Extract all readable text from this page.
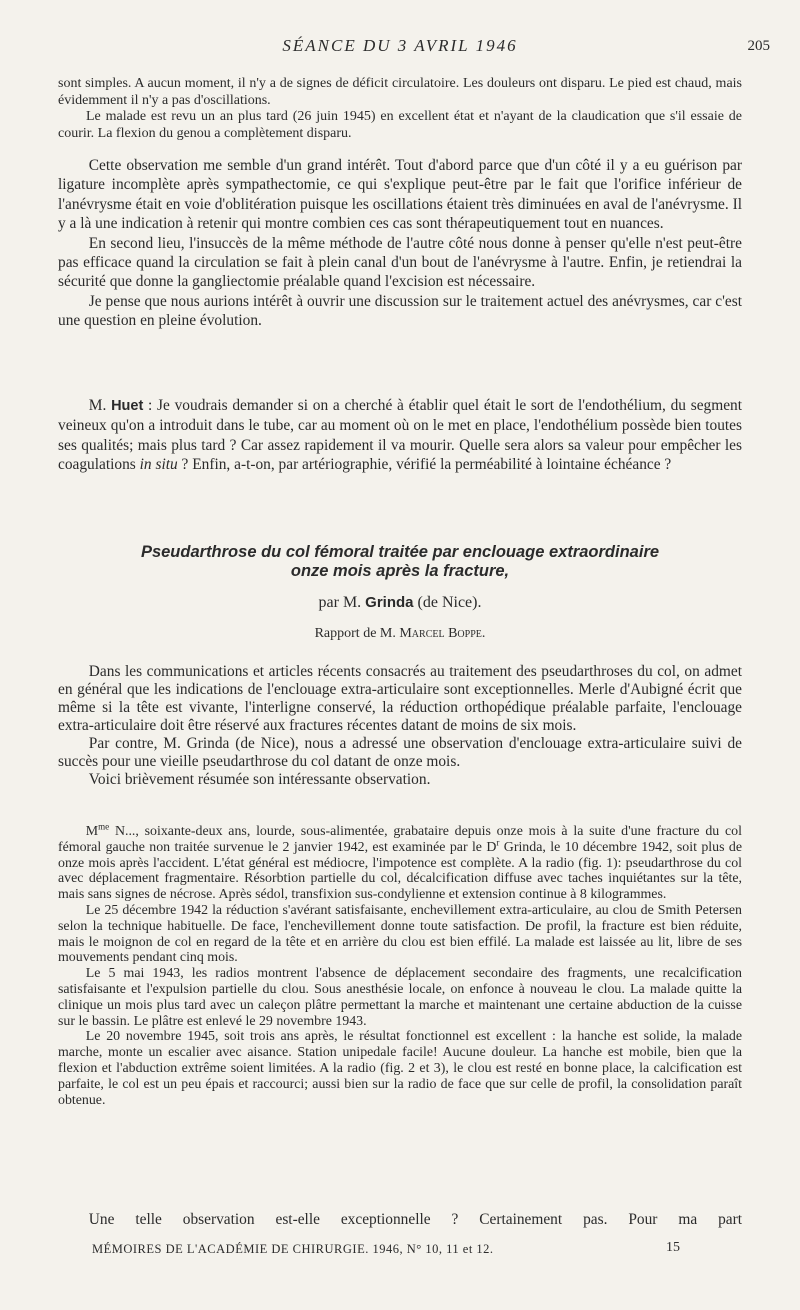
SÉANCE DU 3 AVRIL 1946	205

sont simples. A aucun moment, il n'y a de signes de déficit circulatoire. Les douleurs ont disparu. Le pied est chaud, mais évidemment il n'y a pas d'oscillations.

Le malade est revu un an plus tard (26 juin 1945) en excellent état et n'ayant de la claudication que s'il essaie de courir. La flexion du genou a complètement disparu.

Cette observation me semble d'un grand intérêt. Tout d'abord parce que d'un côté il y a eu guérison par ligature incomplète après sympathectomie, ce qui s'explique peut-être par le fait que l'orifice inférieur de l'anévrysme était en voie d'oblitération puisque les oscillations étaient très diminuées en aval de l'anévrysme. Il y a là une indication à retenir qui montre combien ces cas sont thérapeutiquement tout en nuances.

En second lieu, l'insuccès de la même méthode de l'autre côté nous donne à penser qu'elle n'est peut-être pas efficace quand la circulation se fait à plein canal d'un bout de l'anévrysme à l'autre. Enfin, je retiendrai la sécurité que donne la gangliectomie préalable quand l'excision est nécessaire.

Je pense que nous aurions intérêt à ouvrir une discussion sur le traitement actuel des anévrysmes, car c'est une question en pleine évolution.

M. Huet : Je voudrais demander si on a cherché à établir quel était le sort de l'endothélium, du segment veineux qu'on a introduit dans le tube, car au moment où on le met en place, l'endothélium possède bien toutes ses qualités; mais plus tard ? Car assez rapidement il va mourir. Quelle sera alors sa valeur pour empêcher les coagulations in situ ? Enfin, a-t-on, par artériographie, vérifié la perméabilité à lointaine échéance ?

Pseudarthrose du col fémoral traitée par enclouage extraordinaire
onze mois après la fracture,
par M. Grinda (de Nice).
Rapport de M. Marcel Boppe.

Dans les communications et articles récents consacrés au traitement des pseudarthroses du col, on admet en général que les indications de l'enclouage extra-articulaire sont exceptionnelles. Merle d'Aubigné écrit que même si la tête est vivante, l'interligne conservé, la réduction orthopédique préalable parfaite, l'enclouage extra-articulaire doit être réservé aux fractures récentes datant de moins de six mois.

Par contre, M. Grinda (de Nice), nous a adressé une observation d'enclouage extra-articulaire suivi de succès pour une vieille pseudarthrose du col datant de onze mois.

Voici brièvement résumée son intéressante observation.

$M^{me}$ N..., soixante-deux ans, lourde, sous-alimentée, grabataire depuis onze mois à la suite d'une fracture du col fémoral gauche non traitée survenue le 2 janvier 1942, est examinée par le $D^r$ Grinda, le 10 décembre 1942, soit plus de onze mois après l'accident. L'état général est médiocre, l'impotence est complète. A la radio (fig. 1): pseudarthrose du col avec déplacement fragmentaire. Résorbtion partielle du col, décalcification diffuse avec taches inquiétantes sur la tête, mais sans signes de nécrose. Après sédol, transfixion sus-condylienne et extension continue à 8 kilogrammes.

Le 25 décembre 1942 la réduction s'avérant satisfaisante, enchevillement extra-articulaire, au clou de Smith Petersen selon la technique habituelle. De face, l'enchevillement donne toute satisfaction. De profil, la fracture est bien réduite, mais le moignon de col en regard de la tête et en arrière du clou est bien effilé. La malade est laissée au lit, libre de ses mouvements pendant cinq mois.

Le 5 mai 1943, les radios montrent l'absence de déplacement secondaire des fragments, une recalcification satisfaisante et l'expulsion partielle du clou. Sous anesthésie locale, on enfonce à nouveau le clou. La malade quitte la clinique un mois plus tard avec un caleçon plâtre permettant la marche et maintenant une certaine abduction de la cuisse sur le bassin. Le plâtre est enlevé le 29 novembre 1943.

Le 20 novembre 1945, soit trois ans après, le résultat fonctionnel est excellent : la hanche est solide, la malade marche, monte un escalier avec aisance. Station unipedale facile! Aucune douleur. La hanche est mobile, bien que la flexion et l'abduction extrême soient limitées. A la radio (fig. 2 et 3), le clou est resté en bonne place, la calcification est parfaite, le col est un peu épais et raccourci; aussi bien sur la radio de face que sur celle de profil, la consolidation paraît obtenue.

Une telle observation est-elle exceptionnelle ? Certainement pas. Pour ma part

MÉMOIRES DE L'ACADÉMIE DE CHIRURGIE. 1946, N° 10, 11 et 12.	15
